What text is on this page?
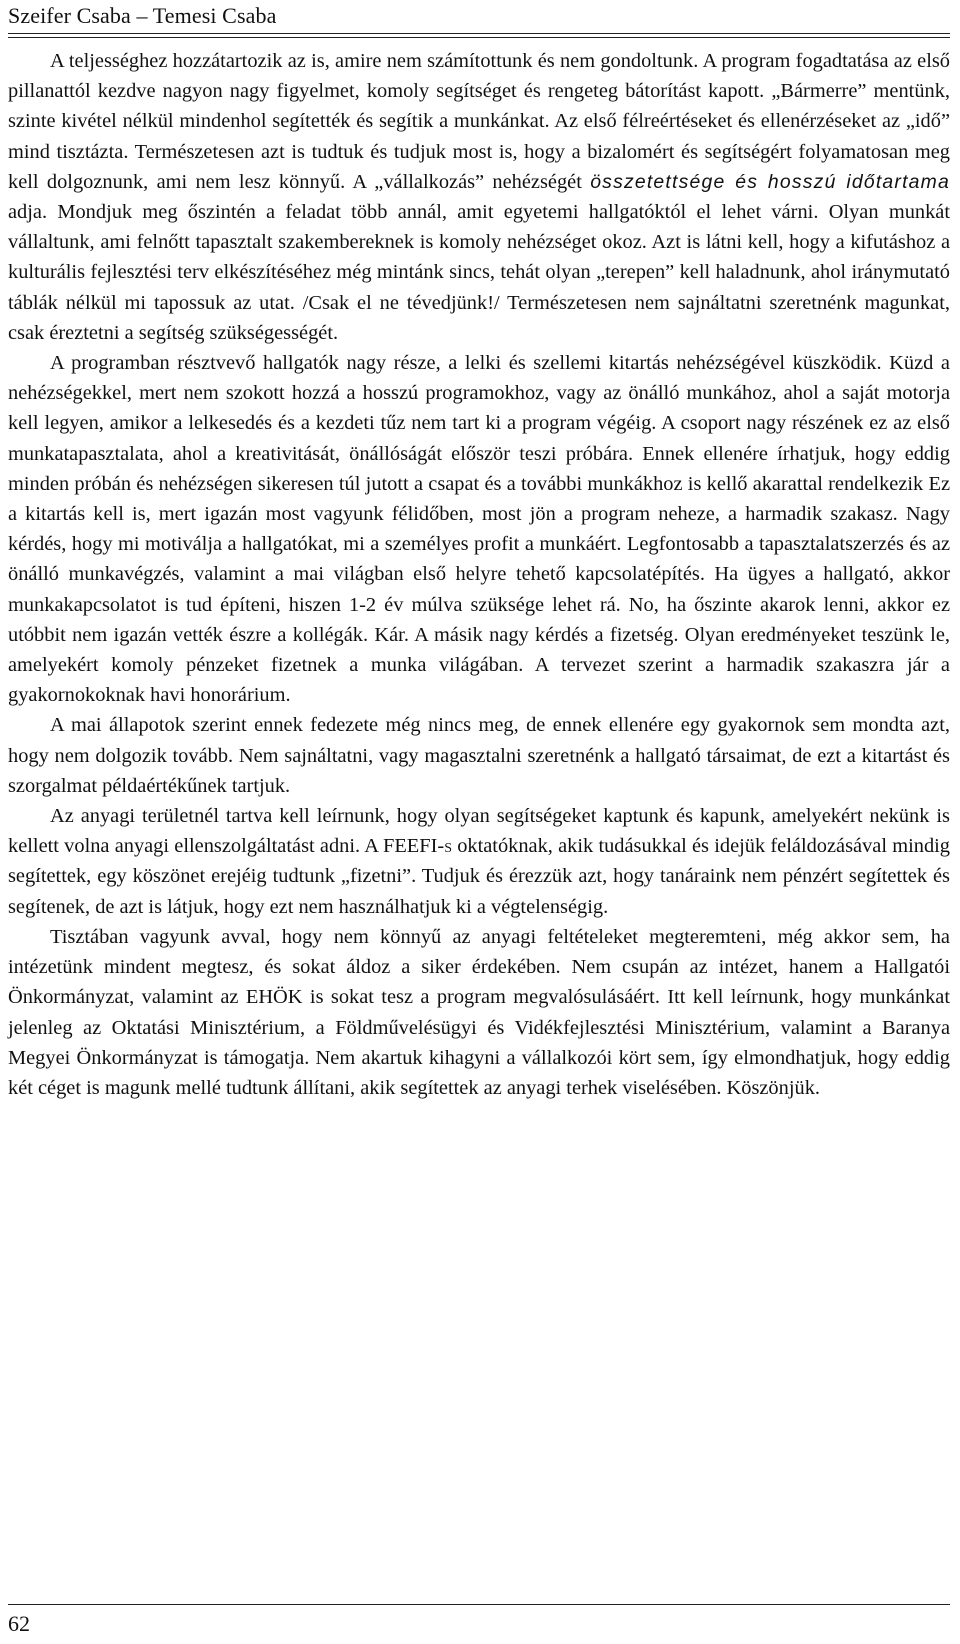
Szeifer Csaba – Temesi Csaba

A teljességhez hozzátartozik az is, amire nem számítottunk és nem gondoltunk. A program fogadtatása az első pillanattól kezdve nagyon nagy figyelmet, komoly segítséget és rengeteg bátorítást kapott. „Bármerre” mentünk, szinte kivétel nélkül mindenhol segítették és segítik a munkánkat. Az első félreértéseket és ellenérzéseket az „idő” mind tisztázta. Természetesen azt is tudtuk és tudjuk most is, hogy a bizalomért és segítségért folyamatosan meg kell dolgoznunk, ami nem lesz könnyű. A „vállalkozás” nehézségét összetettsége és hosszú időtartama adja. Mondjuk meg őszintén a feladat több annál, amit egyetemi hallgatóktól el lehet várni. Olyan munkát vállaltunk, ami felnőtt tapasztalt szakembereknek is komoly nehézséget okoz. Azt is látni kell, hogy a kifutáshoz a kulturális fejlesztési terv elkészítéséhez még mintánk sincs, tehát olyan „terepen” kell haladnunk, ahol iránymutató táblák nélkül mi tapossuk az utat. /Csak el ne tévedjünk!/ Természetesen nem sajnáltatni szeretnénk magunkat, csak éreztetni a segítség szükségességét.

A programban résztvevő hallgatók nagy része, a lelki és szellemi kitartás nehézségével küszködik. Küzd a nehézségekkel, mert nem szokott hozzá a hosszú programokhoz, vagy az önálló munkához, ahol a saját motorja kell legyen, amikor a lelkesedés és a kezdeti tűz nem tart ki a program végéig. A csoport nagy részének ez az első munkatapasztalata, ahol a kreativitását, önállóságát először teszi próbára. Ennek ellenére írhatjuk, hogy eddig minden próbán és nehézségen sikeresen túl jutott a csapat és a további munkákhoz is kellő akarattal rendelkezik Ez a kitartás kell is, mert igazán most vagyunk félidőben, most jön a program neheze, a harmadik szakasz. Nagy kérdés, hogy mi motiválja a hallgatókat, mi a személyes profit a munkáért. Legfontosabb a tapasztalatszerzés és az önálló munkavégzés, valamint a mai világban első helyre tehető kapcsolatépítés. Ha ügyes a hallgató, akkor munkakapcsolatot is tud építeni, hiszen 1-2 év múlva szüksége lehet rá. No, ha őszinte akarok lenni, akkor ez utóbbit nem igazán vették észre a kollégák. Kár. A másik nagy kérdés a fizetség. Olyan eredményeket teszünk le, amelyekért komoly pénzeket fizetnek a munka világában. A tervezet szerint a harmadik szakaszra jár a gyakornokoknak havi honorárium.

A mai állapotok szerint ennek fedezete még nincs meg, de ennek ellenére egy gyakornok sem mondta azt, hogy nem dolgozik tovább. Nem sajnáltatni, vagy magasztalni szeretnénk a hallgató társaimat, de ezt a kitartást és szorgalmat példaértékűnek tartjuk.

Az anyagi területnél tartva kell leírnunk, hogy olyan segítségeket kaptunk és kapunk, amelyekért nekünk is kellett volna anyagi ellenszolgáltatást adni. A FEEFI-s oktatóknak, akik tudásukkal és idejük feláldozásával mindig segítettek, egy köszönet erejéig tudtunk „fizetni”. Tudjuk és érezzük azt, hogy tanáraink nem pénzért segítettek és segítenek, de azt is látjuk, hogy ezt nem használhatjuk ki a végtelenségig.

Tisztában vagyunk avval, hogy nem könnyű az anyagi feltételeket megteremteni, még akkor sem, ha intézetünk mindent megtesz, és sokat áldoz a siker érdekében. Nem csupán az intézet, hanem a Hallgatói Önkormányzat, valamint az EHÖK is sokat tesz a program megvalósulásáért. Itt kell leírnunk, hogy munkánkat jelenleg az Oktatási Minisztérium, a Földművelésügyi és Vidékfejlesztési Minisztérium, valamint a Baranya Megyei Önkormányzat is támogatja. Nem akartuk kihagyni a vállalkozói kört sem, így elmondhatjuk, hogy eddig két céget is magunk mellé tudtunk állítani, akik segítettek az anyagi terhek viselésében. Köszönjük.

62
